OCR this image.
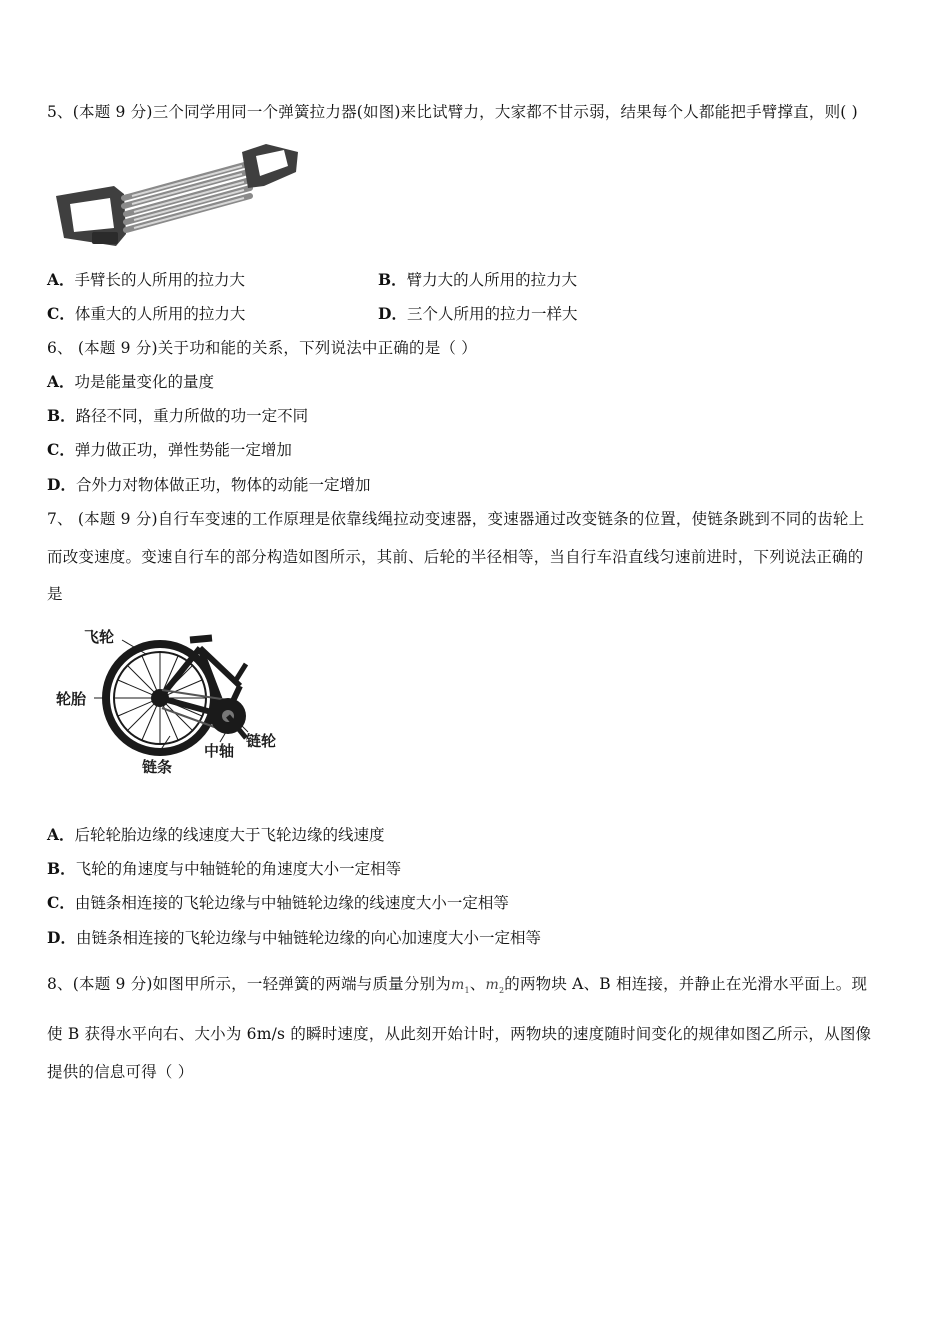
5、(本题 9 分)三个同学用同一个弹簧拉力器(如图)来比试臂力，大家都不甘示弱，结果每个人都能把手臂撑直，则( )
A．手臂长的人所用的拉力大	B．臂力大的人所用的拉力大
C．体重大的人所用的拉力大	D．三个人所用的拉力一样大
6、 (本题 9 分)关于功和能的关系，下列说法中正确的是（ ）
A．功是能量变化的量度
B．路径不同，重力所做的功一定不同
C．弹力做正功，弹性势能一定增加
D．合外力对物体做正功，物体的动能一定增加
7、 (本题 9 分)自行车变速的工作原理是依靠线绳拉动变速器，变速器通过改变链条的位置，使链条跳到不同的齿轮上
而改变速度。变速自行车的部分构造如图所示，其前、后轮的半径相等，当自行车沿直线匀速前进时，下列说法正确的
是
飞轮
轮胎
链条
中轴
链轮
A．后轮轮胎边缘的线速度大于飞轮边缘的线速度
B．飞轮的角速度与中轴链轮的角速度大小一定相等
C．由链条相连接的飞轮边缘与中轴链轮边缘的线速度大小一定相等
D．由链条相连接的飞轮边缘与中轴链轮边缘的向心加速度大小一定相等
8、(本题 9 分)如图甲所示，一轻弹簧的两端与质量分别为$m_1$、$m_2$的两物块 A、B 相连接，并静止在光滑水平面上。现
使 B 获得水平向右、大小为 6m/s 的瞬时速度，从此刻开始计时，两物块的速度随时间变化的规律如图乙所示，从图像
提供的信息可得（ ）
